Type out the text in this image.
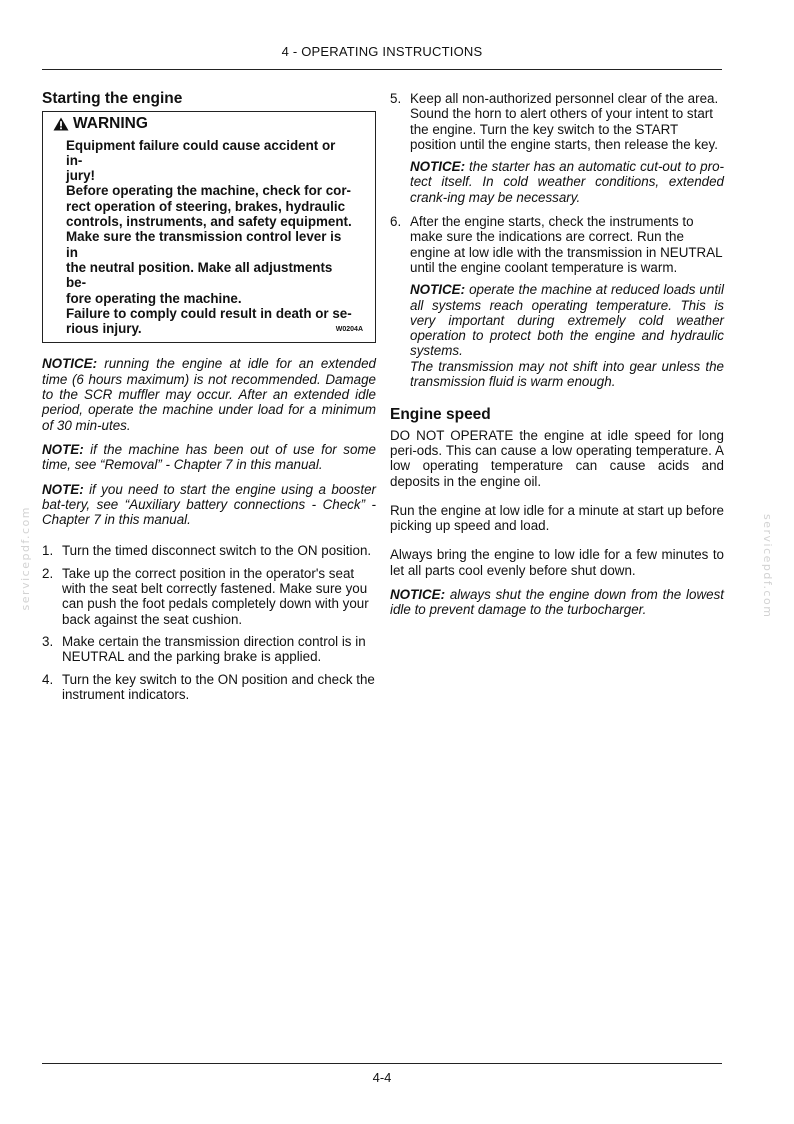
4 - OPERATING INSTRUCTIONS
servicepdf.com	servicepdf.com
Starting the engine
WARNING
Equipment failure could cause accident or in-
jury!
Before operating the machine, check for cor-
rect operation of steering, brakes, hydraulic
controls, instruments, and safety equipment.
Make sure the transmission control lever is in
the neutral position. Make all adjustments be-
fore operating the machine.
Failure to comply could result in death or se-
rious injury.	W0204A

NOTICE: running the engine at idle for an extended time (6 hours maximum) is not recommended. Damage to the SCR muffler may occur. After an extended idle period, operate the machine under load for a minimum of 30 min-utes.

NOTE: if the machine has been out of use for some time, see “Removal” - Chapter 7 in this manual.

NOTE: if you need to start the engine using a booster bat-tery, see “Auxiliary battery connections - Check” - Chapter 7 in this manual.

1. Turn the timed disconnect switch to the ON position.
2. Take up the correct position in the operator's seat with the seat belt correctly fastened. Make sure you can push the foot pedals completely down with your back against the seat cushion.
3. Make certain the transmission direction control is in NEUTRAL and the parking brake is applied.
4. Turn the key switch to the ON position and check the instrument indicators.
5. Keep all non-authorized personnel clear of the area. Sound the horn to alert others of your intent to start the engine. Turn the key switch to the START position until the engine starts, then release the key.

NOTICE: the starter has an automatic cut-out to pro-tect itself. In cold weather conditions, extended crank-ing may be necessary.

6. After the engine starts, check the instruments to make sure the indications are correct. Run the engine at low idle with the transmission in NEUTRAL until the engine coolant temperature is warm.

NOTICE: operate the machine at reduced loads until all systems reach operating temperature. This is very important during extremely cold weather operation to protect both the engine and hydraulic systems.

The transmission may not shift into gear unless the transmission fluid is warm enough.

Engine speed

DO NOT OPERATE the engine at idle speed for long peri-ods. This can cause a low operating temperature. A low operating temperature can cause acids and deposits in the engine oil.

Run the engine at low idle for a minute at start up before picking up speed and load.

Always bring the engine to low idle for a few minutes to let all parts cool evenly before shut down.

NOTICE: always shut the engine down from the lowest idle to prevent damage to the turbocharger.

4-4
